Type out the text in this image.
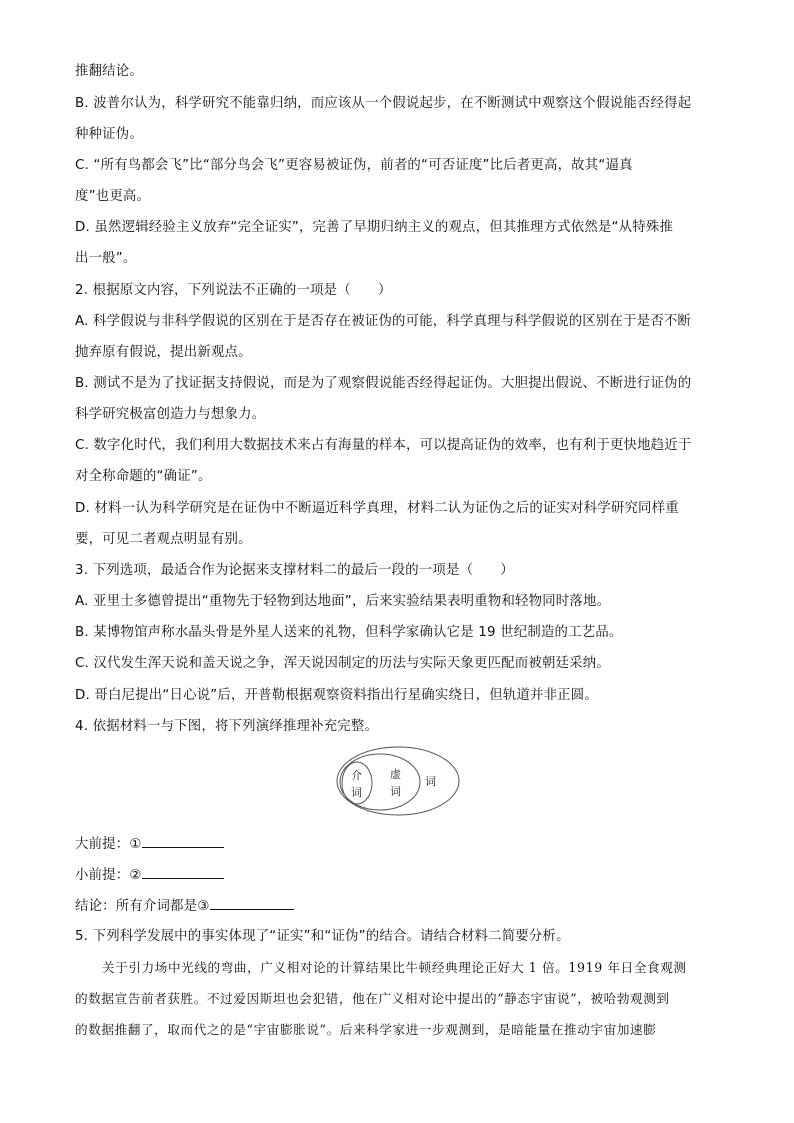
推翻结论。
B. 波普尔认为，科学研究不能靠归纳，而应该从一个假说起步，在不断测试中观察这个假说能否经得起
种种证伪。
C. “所有鸟都会飞”比“部分鸟会飞”更容易被证伪，前者的“可否证度”比后者更高，故其“逼真
度”也更高。
D. 虽然逻辑经验主义放弃“完全证实”，完善了早期归纳主义的观点，但其推理方式依然是“从特殊推
出一般”。
2. 根据原文内容，下列说法不正确的一项是（　　）
A. 科学假说与非科学假说的区别在于是否存在被证伪的可能，科学真理与科学假说的区别在于是否不断
抛弃原有假说，提出新观点。
B. 测试不是为了找证据支持假说，而是为了观察假说能否经得起证伪。大胆提出假说、不断进行证伪的
科学研究极富创造力与想象力。
C. 数字化时代，我们利用大数据技术来占有海量的样本，可以提高证伪的效率，也有利于更快地趋近于
对全称命题的“确证”。
D. 材料一认为科学研究是在证伪中不断逼近科学真理，材料二认为证伪之后的证实对科学研究同样重
要，可见二者观点明显有别。
3. 下列选项，最适合作为论据来支撑材料二的最后一段的一项是（　　）
A. 亚里士多德曾提出“重物先于轻物到达地面”，后来实验结果表明重物和轻物同时落地。
B. 某博物馆声称水晶头骨是外星人送来的礼物，但科学家确认它是 19 世纪制造的工艺品。
C. 汉代发生浑天说和盖天说之争，浑天说因制定的历法与实际天象更匹配而被朝廷采纳。
D. 哥白尼提出“日心说”后，开普勒根据观察资料指出行星确实绕日，但轨道并非正圆。
4. 依据材料一与下图，将下列演绎推理补充完整。
词
虚
词
介
词
大前提：①
小前提：②
结论：所有介词都是③
5. 下列科学发展中的事实体现了“证实”和“证伪”的结合。请结合材料二简要分析。
关于引力场中光线的弯曲，广义相对论的计算结果比牛顿经典理论正好大 1 倍。1919 年日全食观测
的数据宣告前者获胜。不过爱因斯坦也会犯错，他在广义相对论中提出的“静态宇宙说”，被哈勃观测到
的数据推翻了，取而代之的是“宇宙膨胀说”。后来科学家进一步观测到，是暗能量在推动宇宙加速膨
